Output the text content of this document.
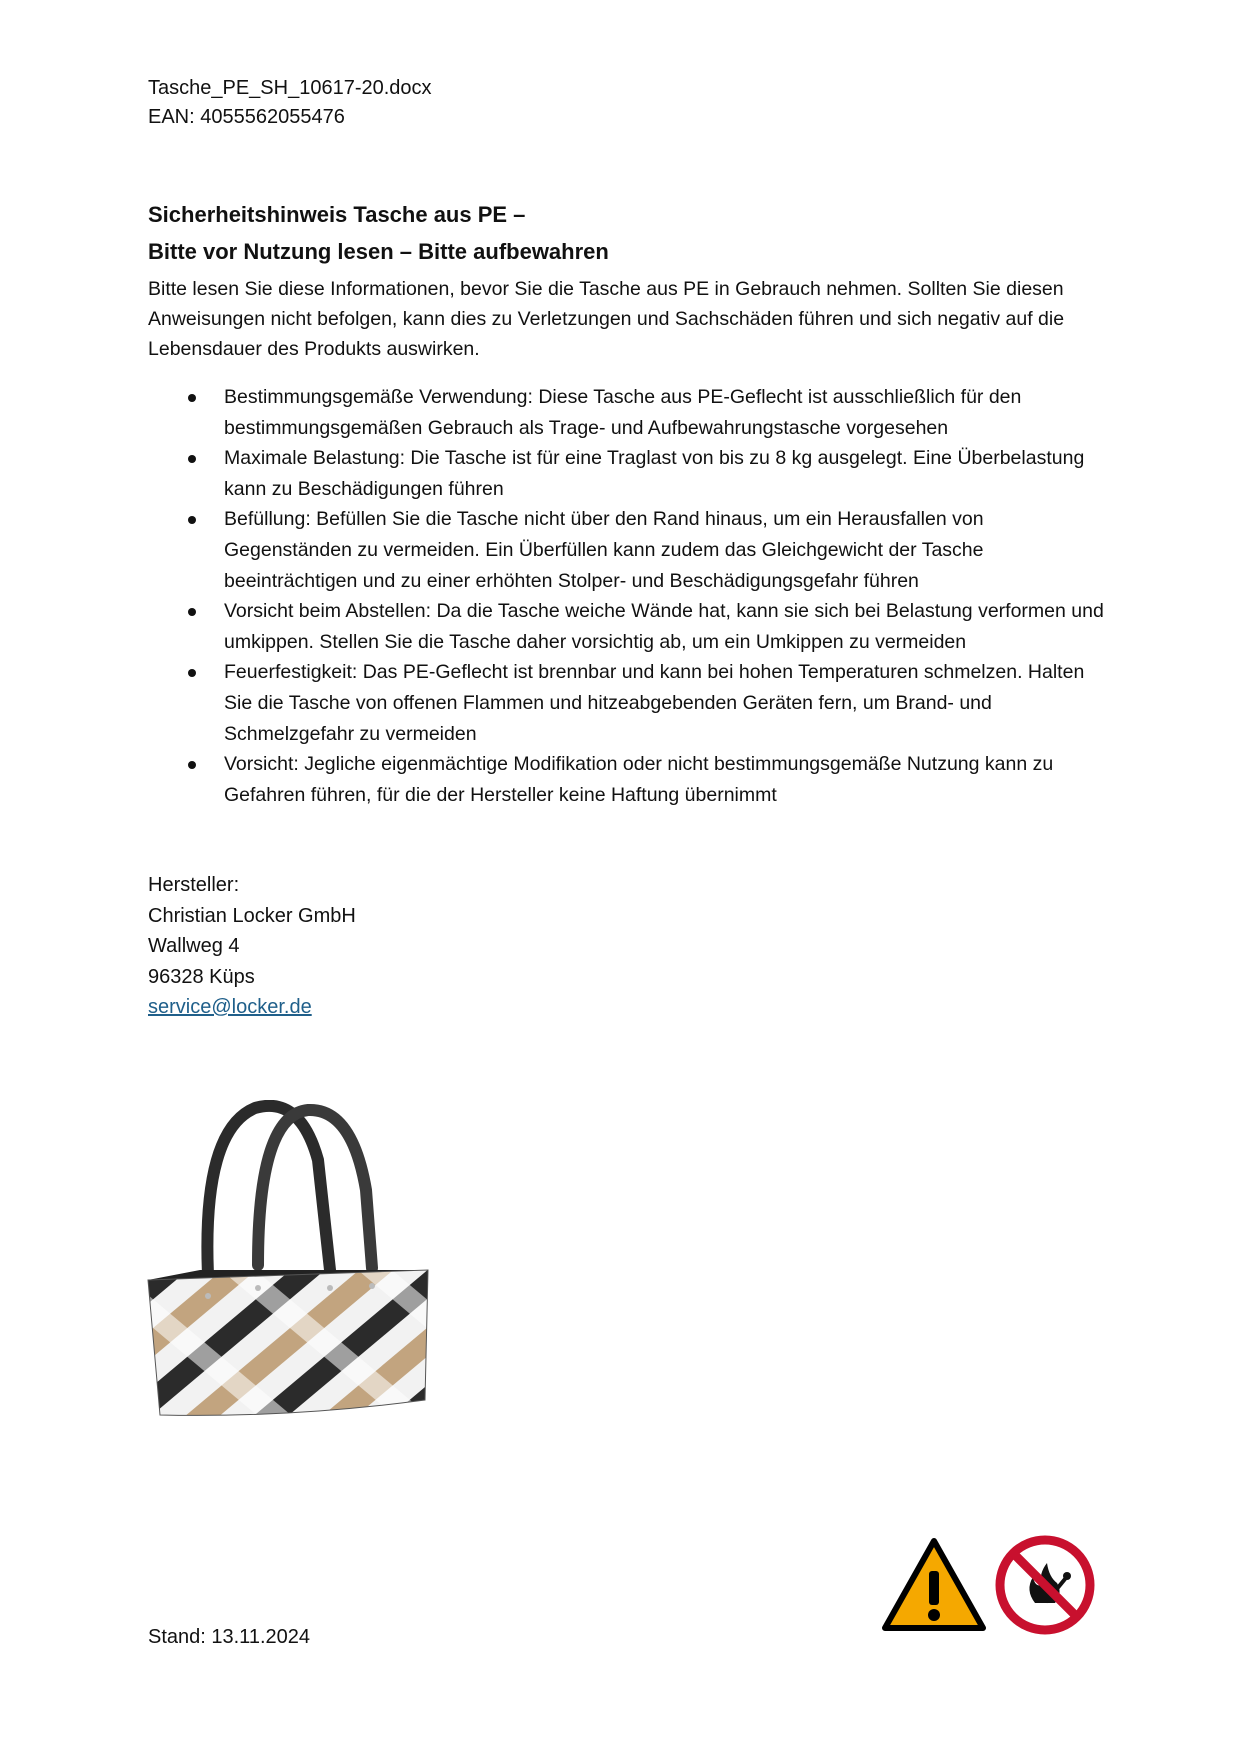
Tasche_PE_SH_10617-20.docx
EAN: 4055562055476
Sicherheitshinweis Tasche aus PE –
Bitte vor Nutzung lesen – Bitte aufbewahren
Bitte lesen Sie diese Informationen, bevor Sie die Tasche aus PE in Gebrauch nehmen. Sollten Sie diesen Anweisungen nicht befolgen, kann dies zu Verletzungen und Sachschäden führen und sich negativ auf die Lebensdauer des Produkts auswirken.
Bestimmungsgemäße Verwendung: Diese Tasche aus PE-Geflecht ist ausschließlich für den bestimmungsgemäßen Gebrauch als Trage- und Aufbewahrungstasche vorgesehen
Maximale Belastung: Die Tasche ist für eine Traglast von bis zu 8 kg ausgelegt. Eine Überbelastung kann zu Beschädigungen führen
Befüllung: Befüllen Sie die Tasche nicht über den Rand hinaus, um ein Herausfallen von Gegenständen zu vermeiden. Ein Überfüllen kann zudem das Gleichgewicht der Tasche beeinträchtigen und zu einer erhöhten Stolper- und Beschädigungsgefahr führen
Vorsicht beim Abstellen: Da die Tasche weiche Wände hat, kann sie sich bei Belastung verformen und umkippen. Stellen Sie die Tasche daher vorsichtig ab, um ein Umkippen zu vermeiden
Feuerfestigkeit: Das PE-Geflecht ist brennbar und kann bei hohen Temperaturen schmelzen. Halten Sie die Tasche von offenen Flammen und hitzeabgebenden Geräten fern, um Brand- und Schmelzgefahr zu vermeiden
Vorsicht: Jegliche eigenmächtige Modifikation oder nicht bestimmungsgemäße Nutzung kann zu Gefahren führen, für die der Hersteller keine Haftung übernimmt
Hersteller:
Christian Locker GmbH
Wallweg 4
96328 Küps
service@locker.de
Stand: 13.11.2024
